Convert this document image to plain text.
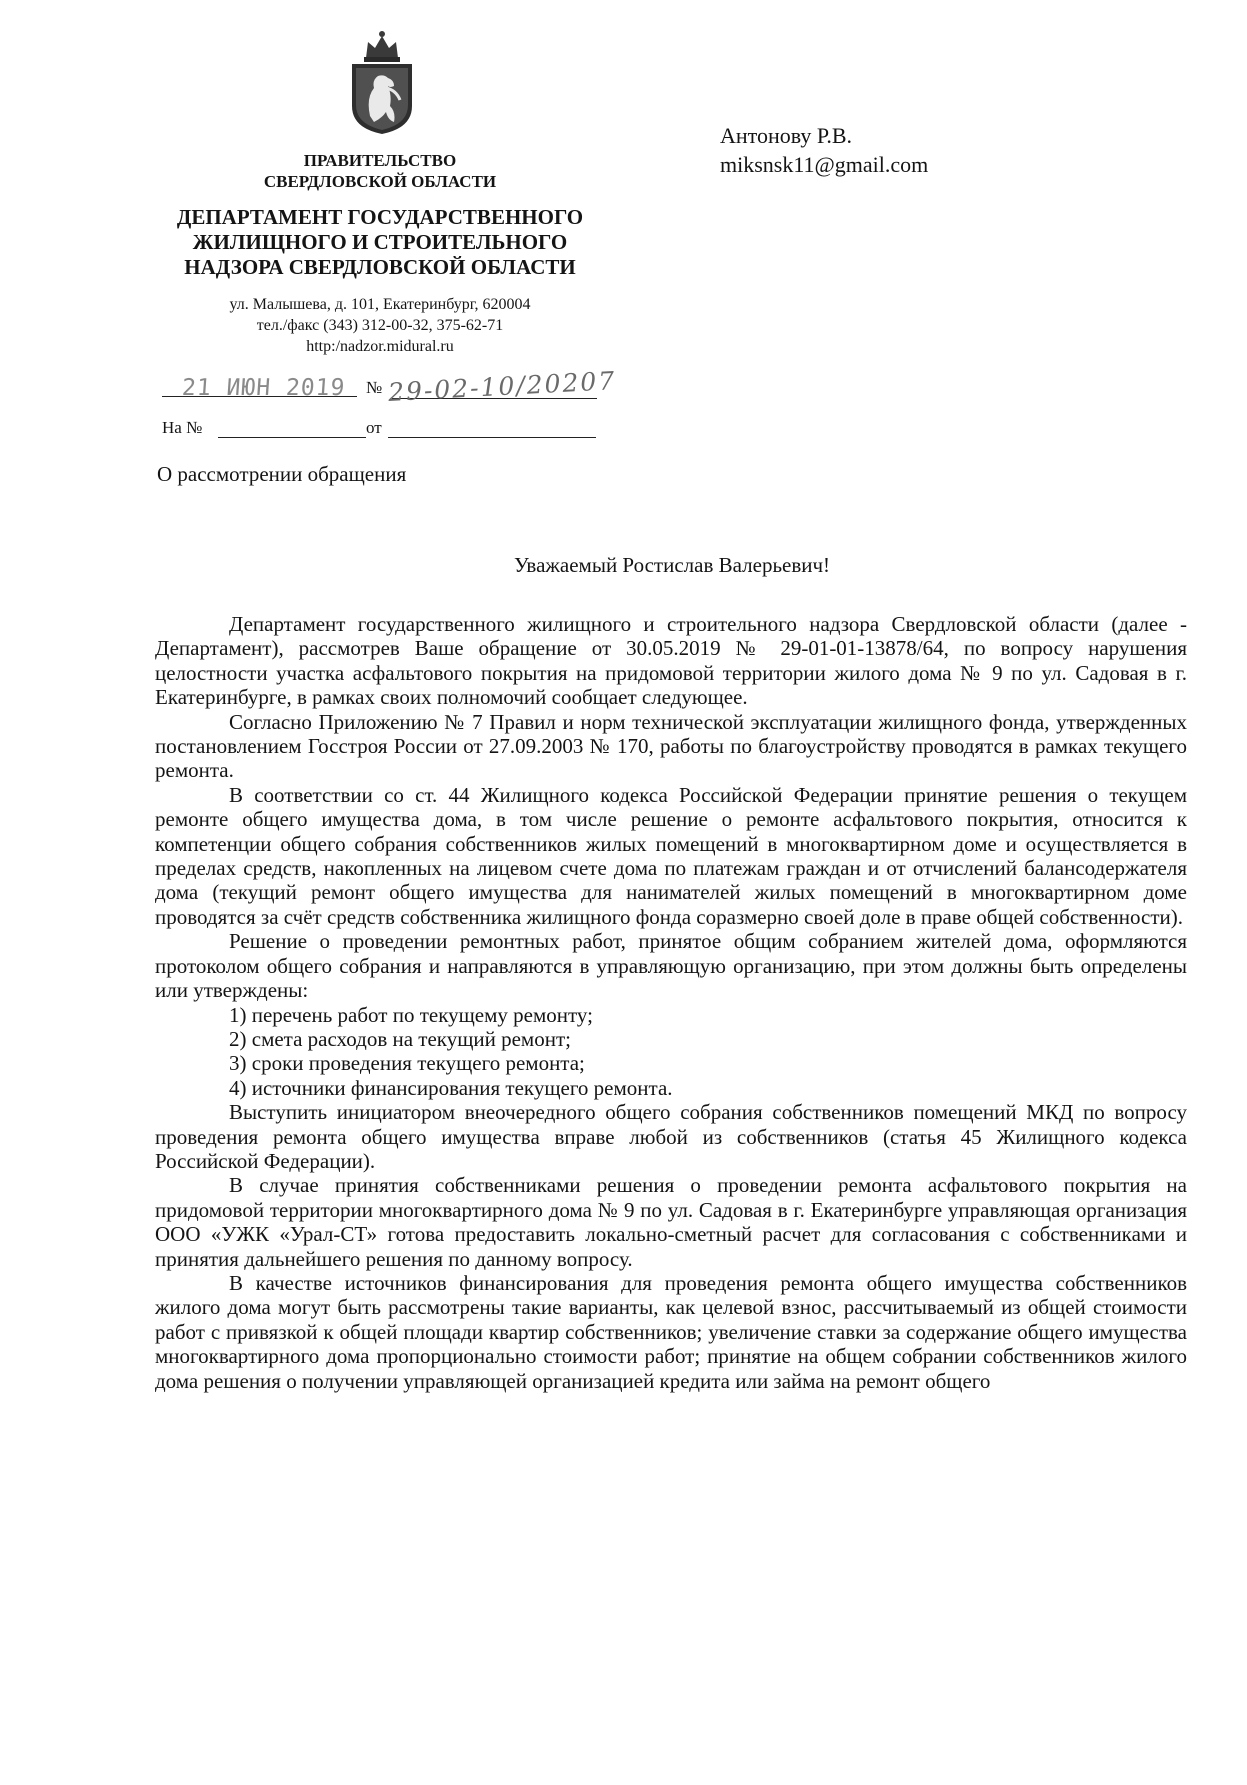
ПРАВИТЕЛЬСТВО
СВЕРДЛОВСКОЙ ОБЛАСТИ
ДЕПАРТАМЕНТ ГОСУДАРСТВЕННОГО
ЖИЛИЩНОГО И СТРОИТЕЛЬНОГО
НАДЗОРА СВЕРДЛОВСКОЙ ОБЛАСТИ
ул. Малышева, д. 101, Екатеринбург, 620004
тел./факс (343) 312-00-32, 375-62-71
http:/nadzor.midural.ru
21 ИЮН 2019 № 29-02-10/20207
На №	от
Антонову Р.В.
miksnsk11@gmail.com
О рассмотрении обращения
Уважаемый Ростислав Валерьевич!

Департамент государственного жилищного и строительного надзора Свердловской области (далее - Департамент), рассмотрев Ваше обращение от 30.05.2019 № 29-01-01-13878/64, по вопросу нарушения целостности участка асфальтового покрытия на придомовой территории жилого дома № 9 по ул. Садовая в г. Екатеринбурге, в рамках своих полномочий сообщает следующее.

Согласно Приложению № 7 Правил и норм технической эксплуатации жилищного фонда, утвержденных постановлением Госстроя России от 27.09.2003 № 170, работы по благоустройству проводятся в рамках текущего ремонта.

В соответствии со ст. 44 Жилищного кодекса Российской Федерации принятие решения о текущем ремонте общего имущества дома, в том числе решение о ремонте асфальтового покрытия, относится к компетенции общего собрания собственников жилых помещений в многоквартирном доме и осуществляется в пределах средств, накопленных на лицевом счете дома по платежам граждан и от отчислений балансодержателя дома (текущий ремонт общего имущества для нанимателей жилых помещений в многоквартирном доме проводятся за счёт средств собственника жилищного фонда соразмерно своей доле в праве общей собственности).

Решение о проведении ремонтных работ, принятое общим собранием жителей дома, оформляются протоколом общего собрания и направляются в управляющую организацию, при этом должны быть определены или утверждены:

1) перечень работ по текущему ремонту;

2) смета расходов на текущий ремонт;

3) сроки проведения текущего ремонта;

4) источники финансирования текущего ремонта.

Выступить инициатором внеочередного общего собрания собственников помещений МКД по вопросу проведения ремонта общего имущества вправе любой из собственников (статья 45 Жилищного кодекса Российской Федерации).

В случае принятия собственниками решения о проведении ремонта асфальтового покрытия на придомовой территории многоквартирного дома № 9 по ул. Садовая в г. Екатеринбурге управляющая организация ООО «УЖК «Урал-СТ» готова предоставить локально-сметный расчет для согласования с собственниками и принятия дальнейшего решения по данному вопросу.

В качестве источников финансирования для проведения ремонта общего имущества собственников жилого дома могут быть рассмотрены такие варианты, как целевой взнос, рассчитываемый из общей стоимости работ с привязкой к общей площади квартир собственников; увеличение ставки за содержание общего имущества многоквартирного дома пропорционально стоимости работ; принятие на общем собрании собственников жилого дома решения о получении управляющей организацией кредита или займа на ремонт общего
